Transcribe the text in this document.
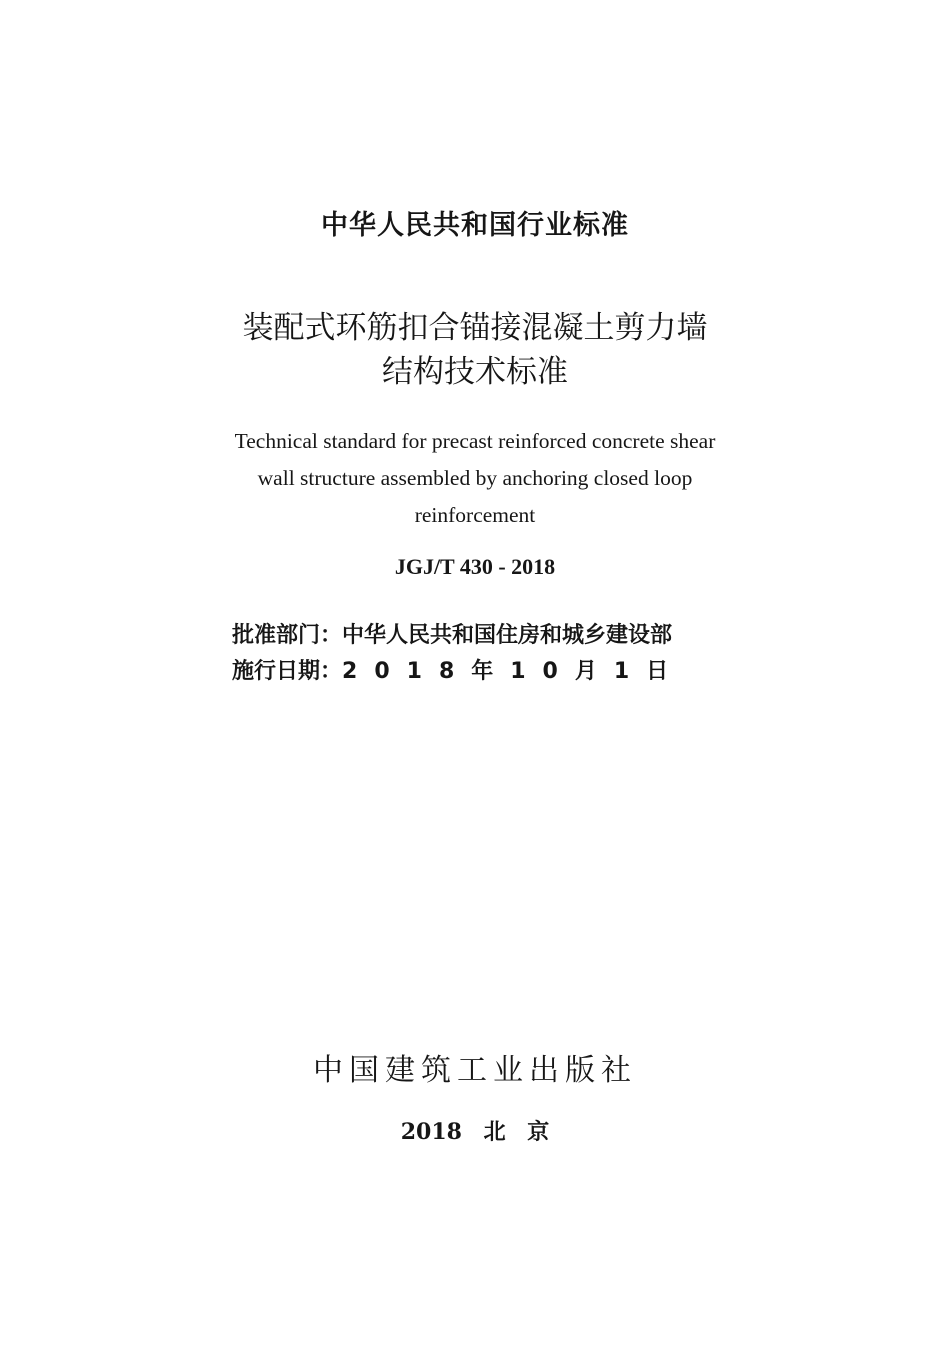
中华人民共和国行业标准
装配式环筋扣合锚接混凝土剪力墙
结构技术标准
Technical standard for precast reinforced concrete shear
wall structure assembled by anchoring closed loop
reinforcement
JGJ/T 430 - 2018
批准部门：中华人民共和国住房和城乡建设部
施行日期：2018年10月1日
中国建筑工业出版社
2018 北 京
